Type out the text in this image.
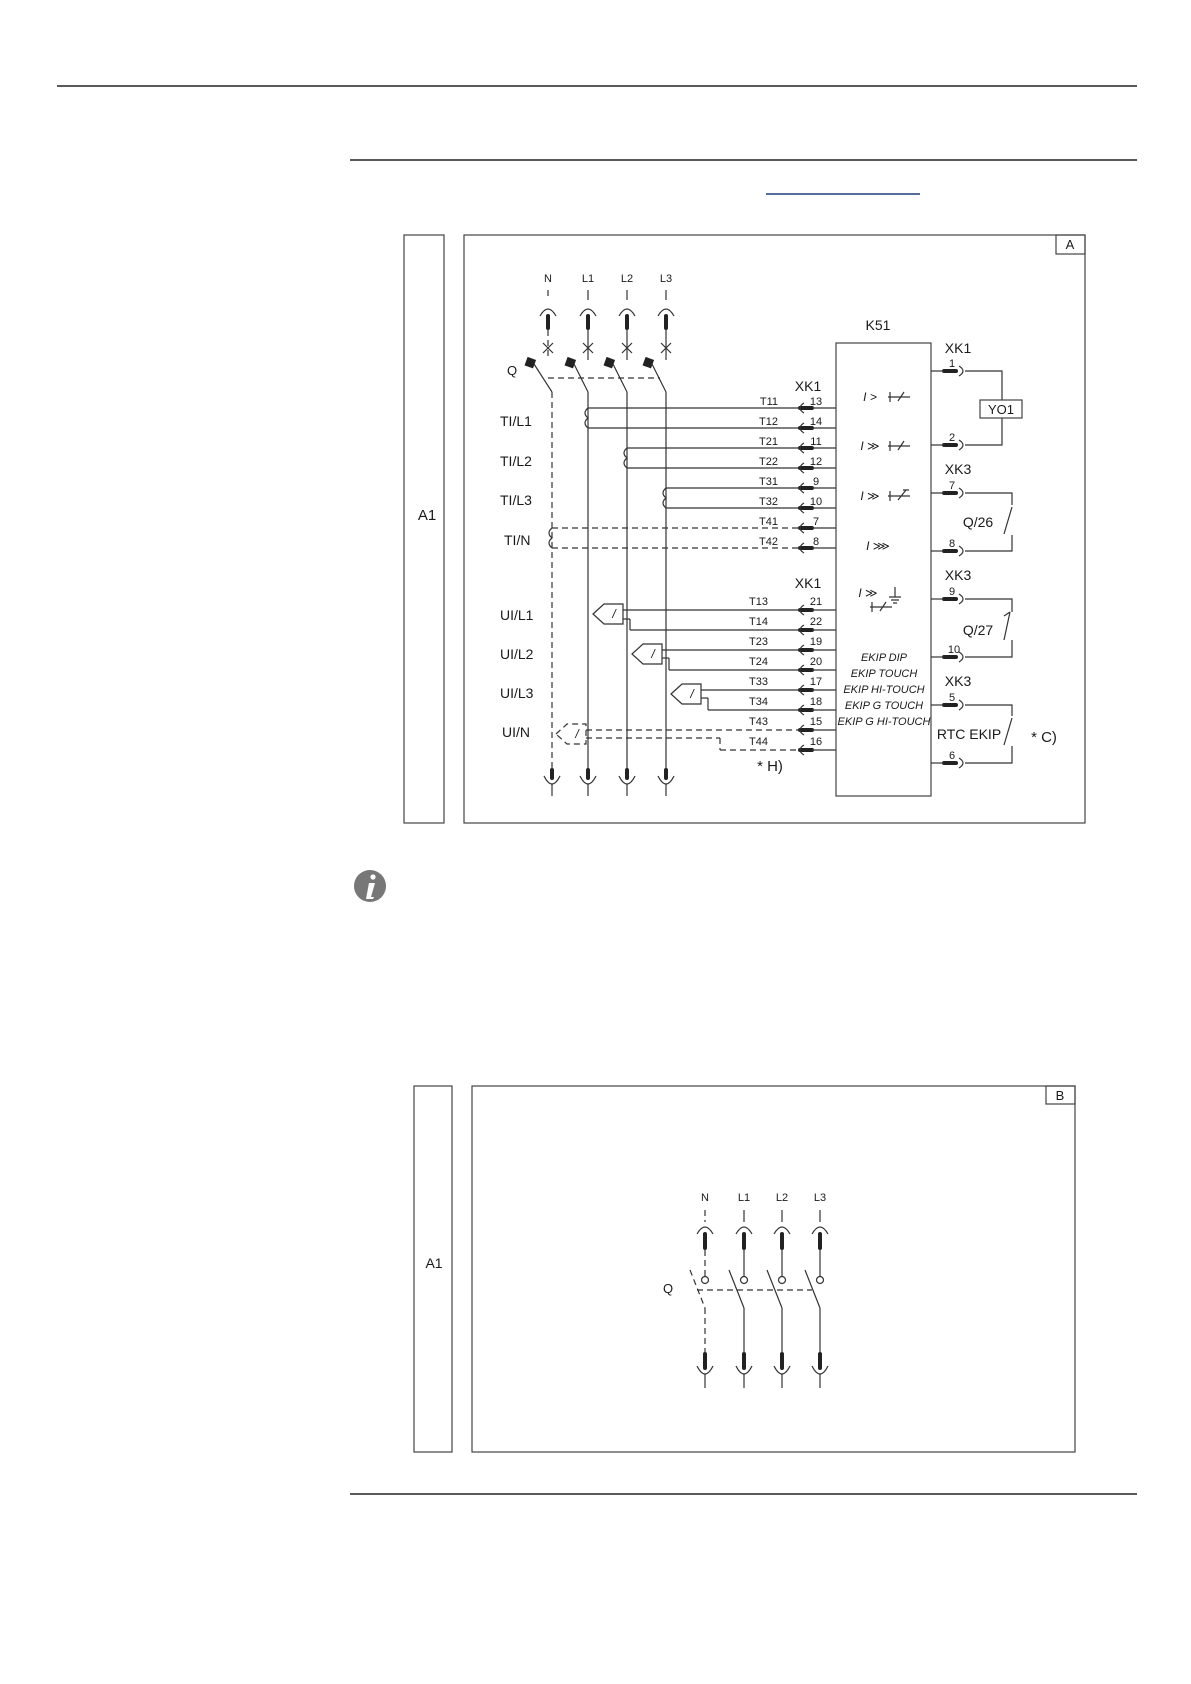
A1
A
N	L1 L2 L3
Q
TI/L1
TI/L2
TI/L3
TI/N
UI/L1
UI/L2
UI/L3
UI/N
/
/
/
/
XK1
XK1
T11	13
T12	14
T21	11
T22	12
T31	9
T32	10
T41	7
T42	8
T13	21
T14	22
T23	19
T24	20
T33	17
T34	18
T43	15
T44	16
K51
I >
I ≫
I ≫
I ⋙
I ≫
EKIP DIP
EKIP TOUCH
EKIP HI-TOUCH
EKIP G TOUCH
EKIP G HI-TOUCH
XK1
XK3
XK3
XK3
1
2
7
8
9
10
5
6
YO1
Q/26
Q/27
RTC EKIP * C)
* H)
A1
B
N	L1 L2 L3
Q
